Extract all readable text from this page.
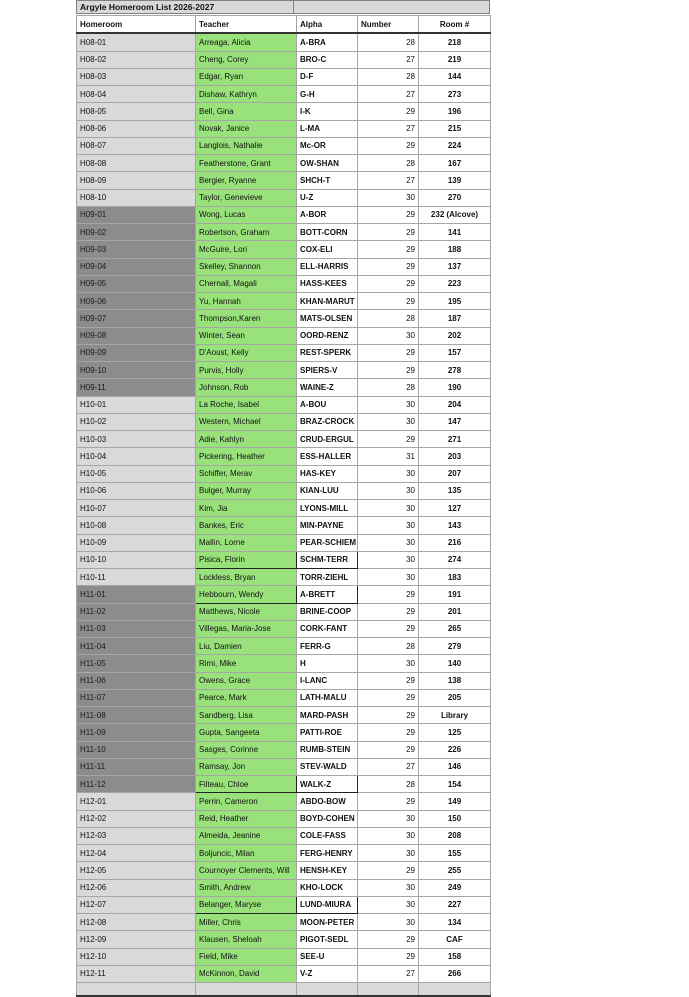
Argyle Homeroom List 2026-2027
Homeroom	Teacher	Alpha	Number	Room #
H08-01	Arreaga, Alicia	A-BRA	28	218
H08-02	Cheng, Corey	BRO-C	27	219
H08-03	Edgar, Ryan	D-F	28	144
H08-04	Dishaw, Kathryn	G-H	27	273
H08-05	Bell, Gina	I-K	29	196
H08-06	Novak, Janice	L-MA	27	215
H08-07	Langlois, Nathalie	Mc-OR	29	224
H08-08	Featherstone, Grant	OW-SHAN	28	167
H08-09	Bergier, Ryanne	SHCH-T	27	139
H08-10	Taylor, Genevieve	U-Z	30	270
H09-01	Wong, Lucas	A-BOR	29	232 (Alcove)
H09-02	Robertson, Graham	BOTT-CORN	29	141
H09-03	McGuire, Lori	COX-ELI	29	188
H09-04	Skelley, Shannon	ELL-HARRIS	29	137
H09-05	Chernall, Magali	HASS-KEES	29	223
H09-06	Yu, Hannah	KHAN-MARUT	29	195
H09-07	Thompson,Karen	MATS-OLSEN	28	187
H09-08	Winter, Sean	OORD-RENZ	30	202
H09-09	D'Aoust, Kelly	REST-SPERK	29	157
H09-10	Purvis, Holly	SPIERS-V	29	278
H09-11	Johnson, Rob	WAINE-Z	28	190
H10-01	La Roche, Isabel	A-BOU	30	204
H10-02	Western, Michael	BRAZ-CROCK	30	147
H10-03	Adie, Kahlyn	CRUD-ERGUL	29	271
H10-04	Pickering, Heather	ESS-HALLER	31	203
H10-05	Schiffer, Merav	HAS-KEY	30	207
H10-06	Bulger, Murray	KIAN-LUU	30	135
H10-07	Kim, Jia	LYONS-MILL	30	127
H10-08	Bankes, Eric	MIN-PAYNE	30	143
H10-09	Mallin, Lorne	PEAR-SCHIEM	30	216
H10-10	Pisica, Florin	SCHM-TERR	30	274
H10-11	Lockless, Bryan	TORR-ZIEHL	30	183
H11-01	Hebbourn, Wendy	A-BRETT	29	191
H11-02	Matthews, Nicole	BRINE-COOP	29	201
H11-03	Villegas, Maria-Jose	CORK-FANT	29	265
H11-04	Liu, Damien	FERR-G	28	279
H11-05	Rimi, Mike	H	30	140
H11-06	Owens, Grace	I-LANC	29	138
H11-07	Pearce, Mark	LATH-MALU	29	205
H11-08	Sandberg, Lisa	MARD-PASH	29	Library
H11-09	Gupta, Sangeeta	PATTI-ROE	29	125
H11-10	Sasges, Corinne	RUMB-STEIN	29	226
H11-11	Ramsay, Jon	STEV-WALD	27	146
H11-12	Filteau, Chloe	WALK-Z	28	154
H12-01	Perrin, Cameron	ABDO-BOW	29	149
H12-02	Reid, Heather	BOYD-COHEN	30	150
H12-03	Almeida, Jeanine	COLE-FASS	30	208
H12-04	Boljuncic, Milan	FERG-HENRY	30	155
H12-05	Cournoyer Clements, Will	HENSH-KEY	29	255
H12-06	Smith, Andrew	KHO-LOCK	30	249
H12-07	Belanger, Maryse	LUND-MIURA	30	227
H12-08	Miller, Chris	MOON-PETER	30	134
H12-09	Klausen, Sheloah	PIGOT-SEDL	29	CAF
H12-10	Field, Mike	SEE-U	29	158
H12-11	McKinnon, David	V-Z	27	266
